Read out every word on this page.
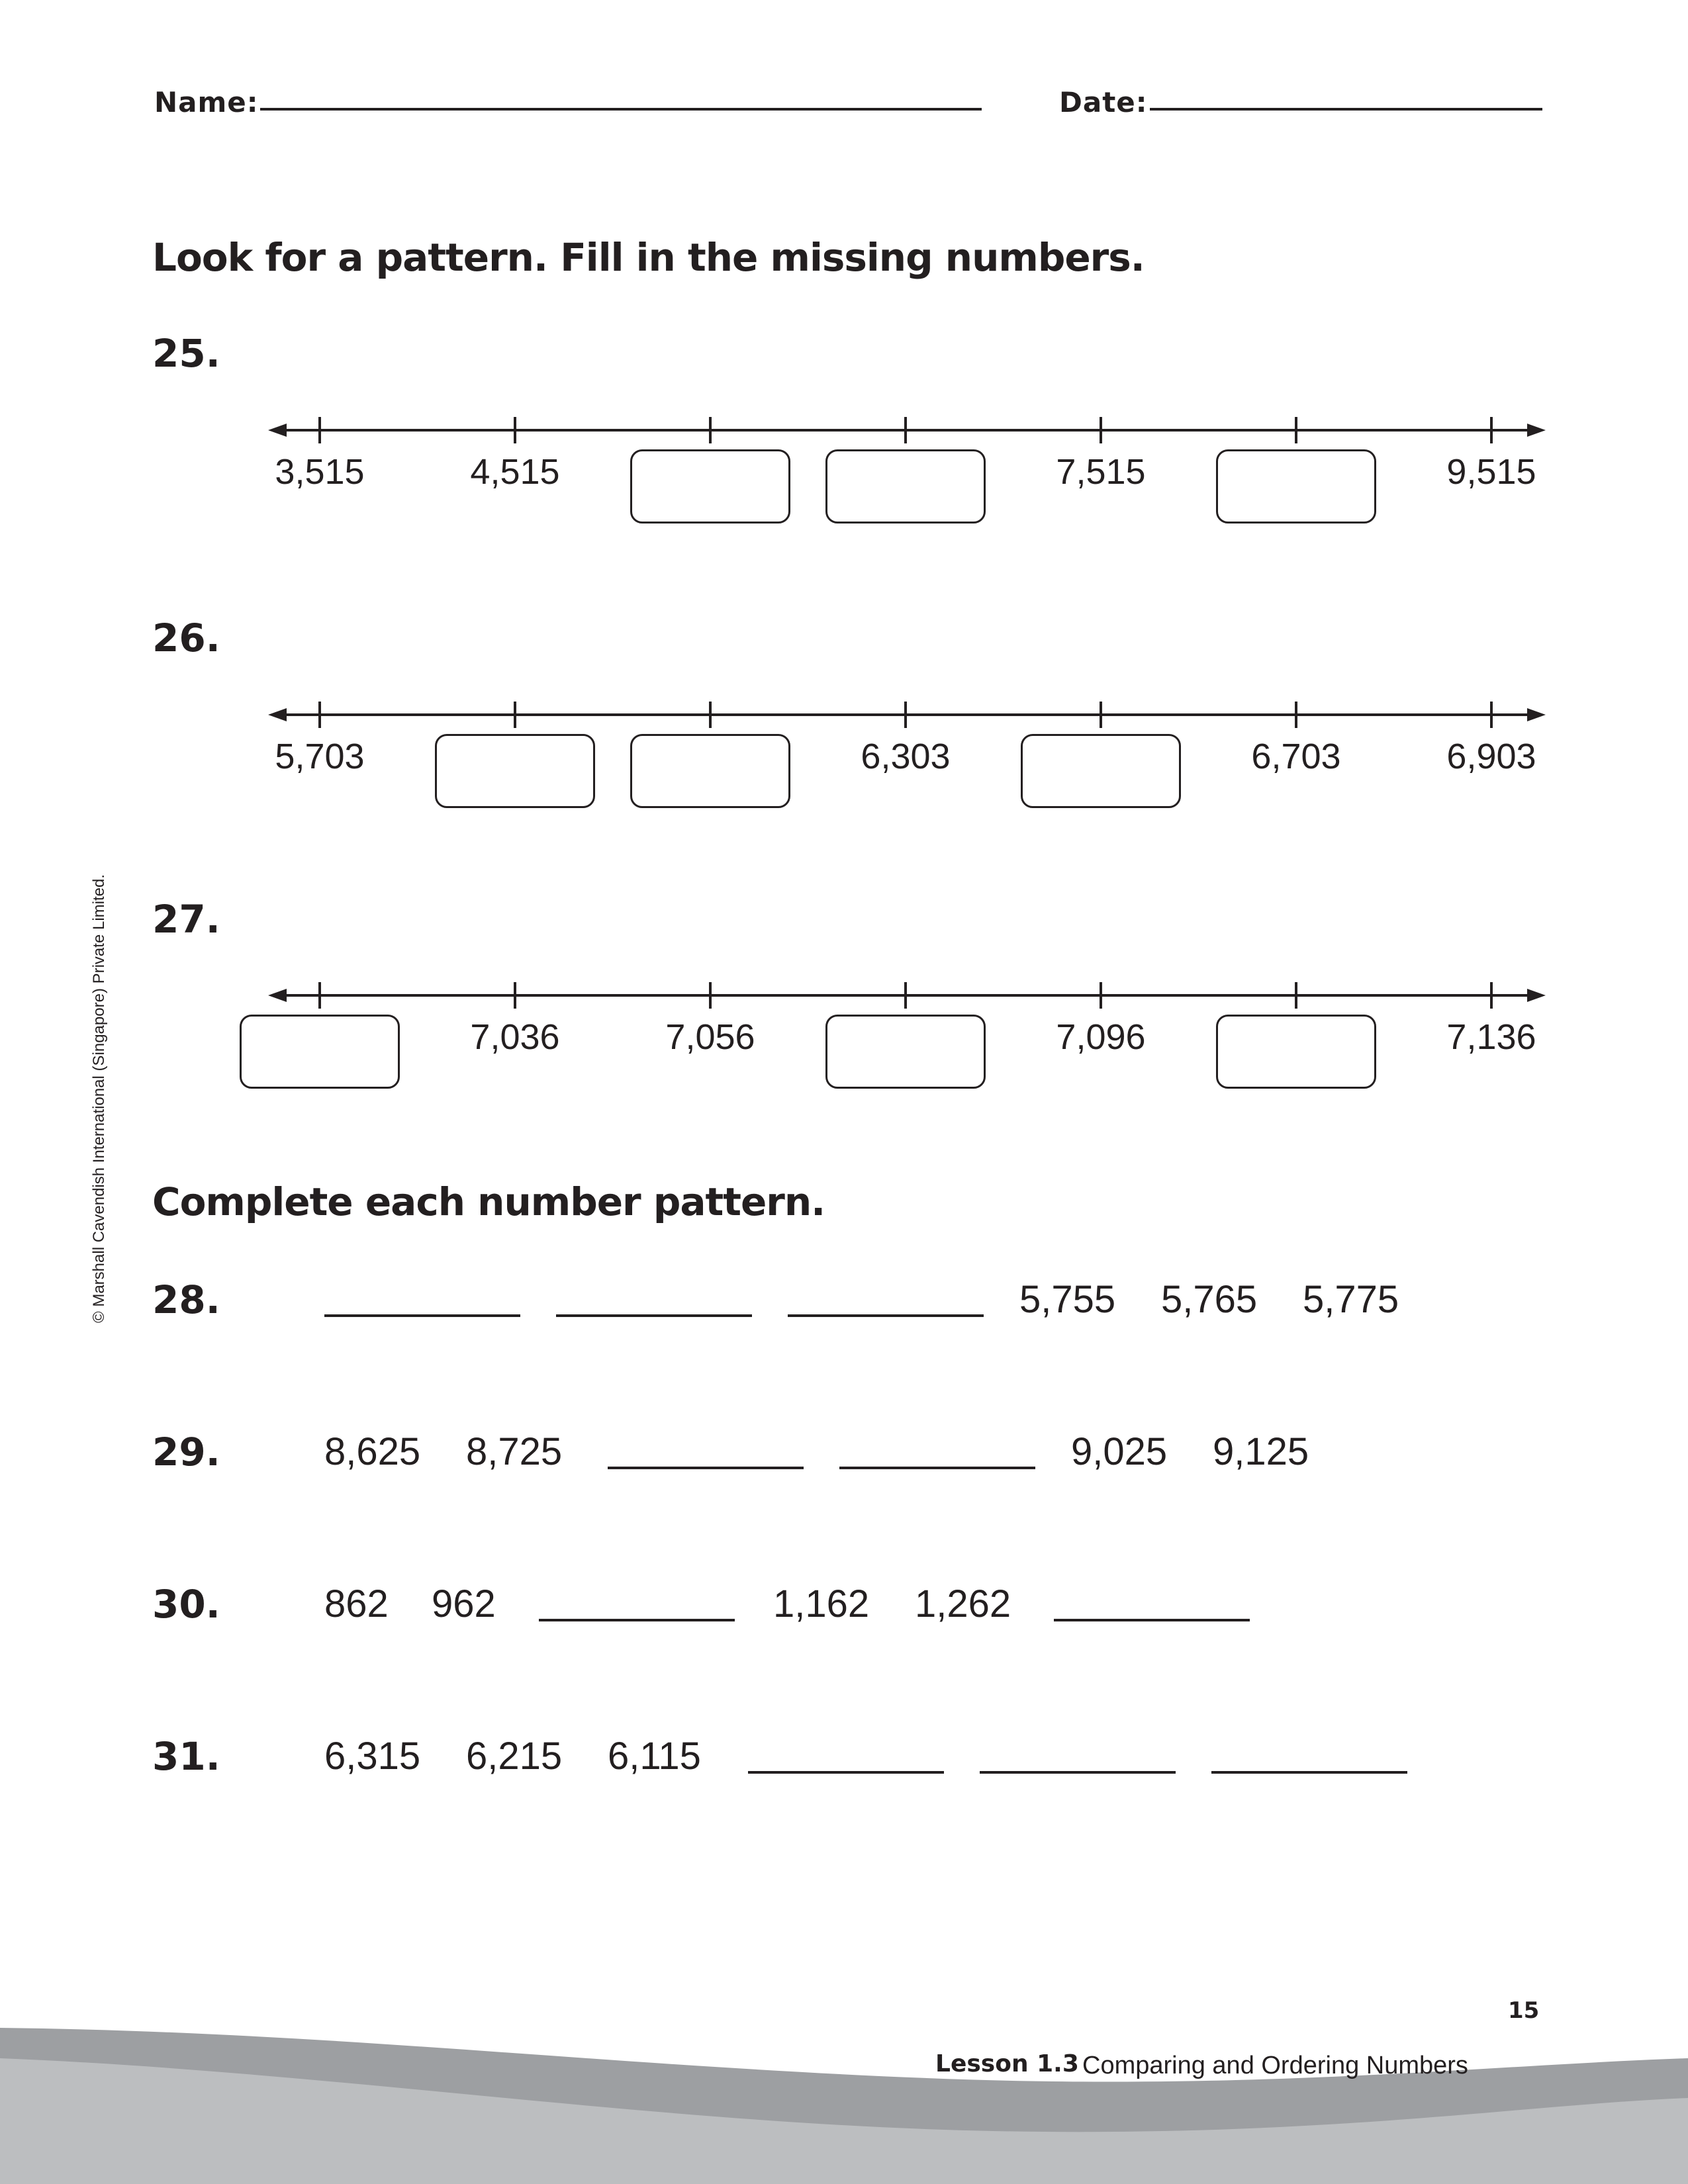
Name:	Date:
Look for a pattern. Fill in the missing numbers.
25.
3,515	4,515	7,515	9,515
26.
5,703	6,303	6,703	6,903
27.
7,036	7,056	7,096	7,136
Complete each number pattern.
28.	5,755 5,765 5,775
29.	8,625 8,725	9,025 9,125
30.	862 962	1,162 1,262
31.	6,315 6,215 6,115
© Marshall Cavendish International (Singapore) Private Limited.
Lesson 1.3 Comparing and Ordering Numbers
15
